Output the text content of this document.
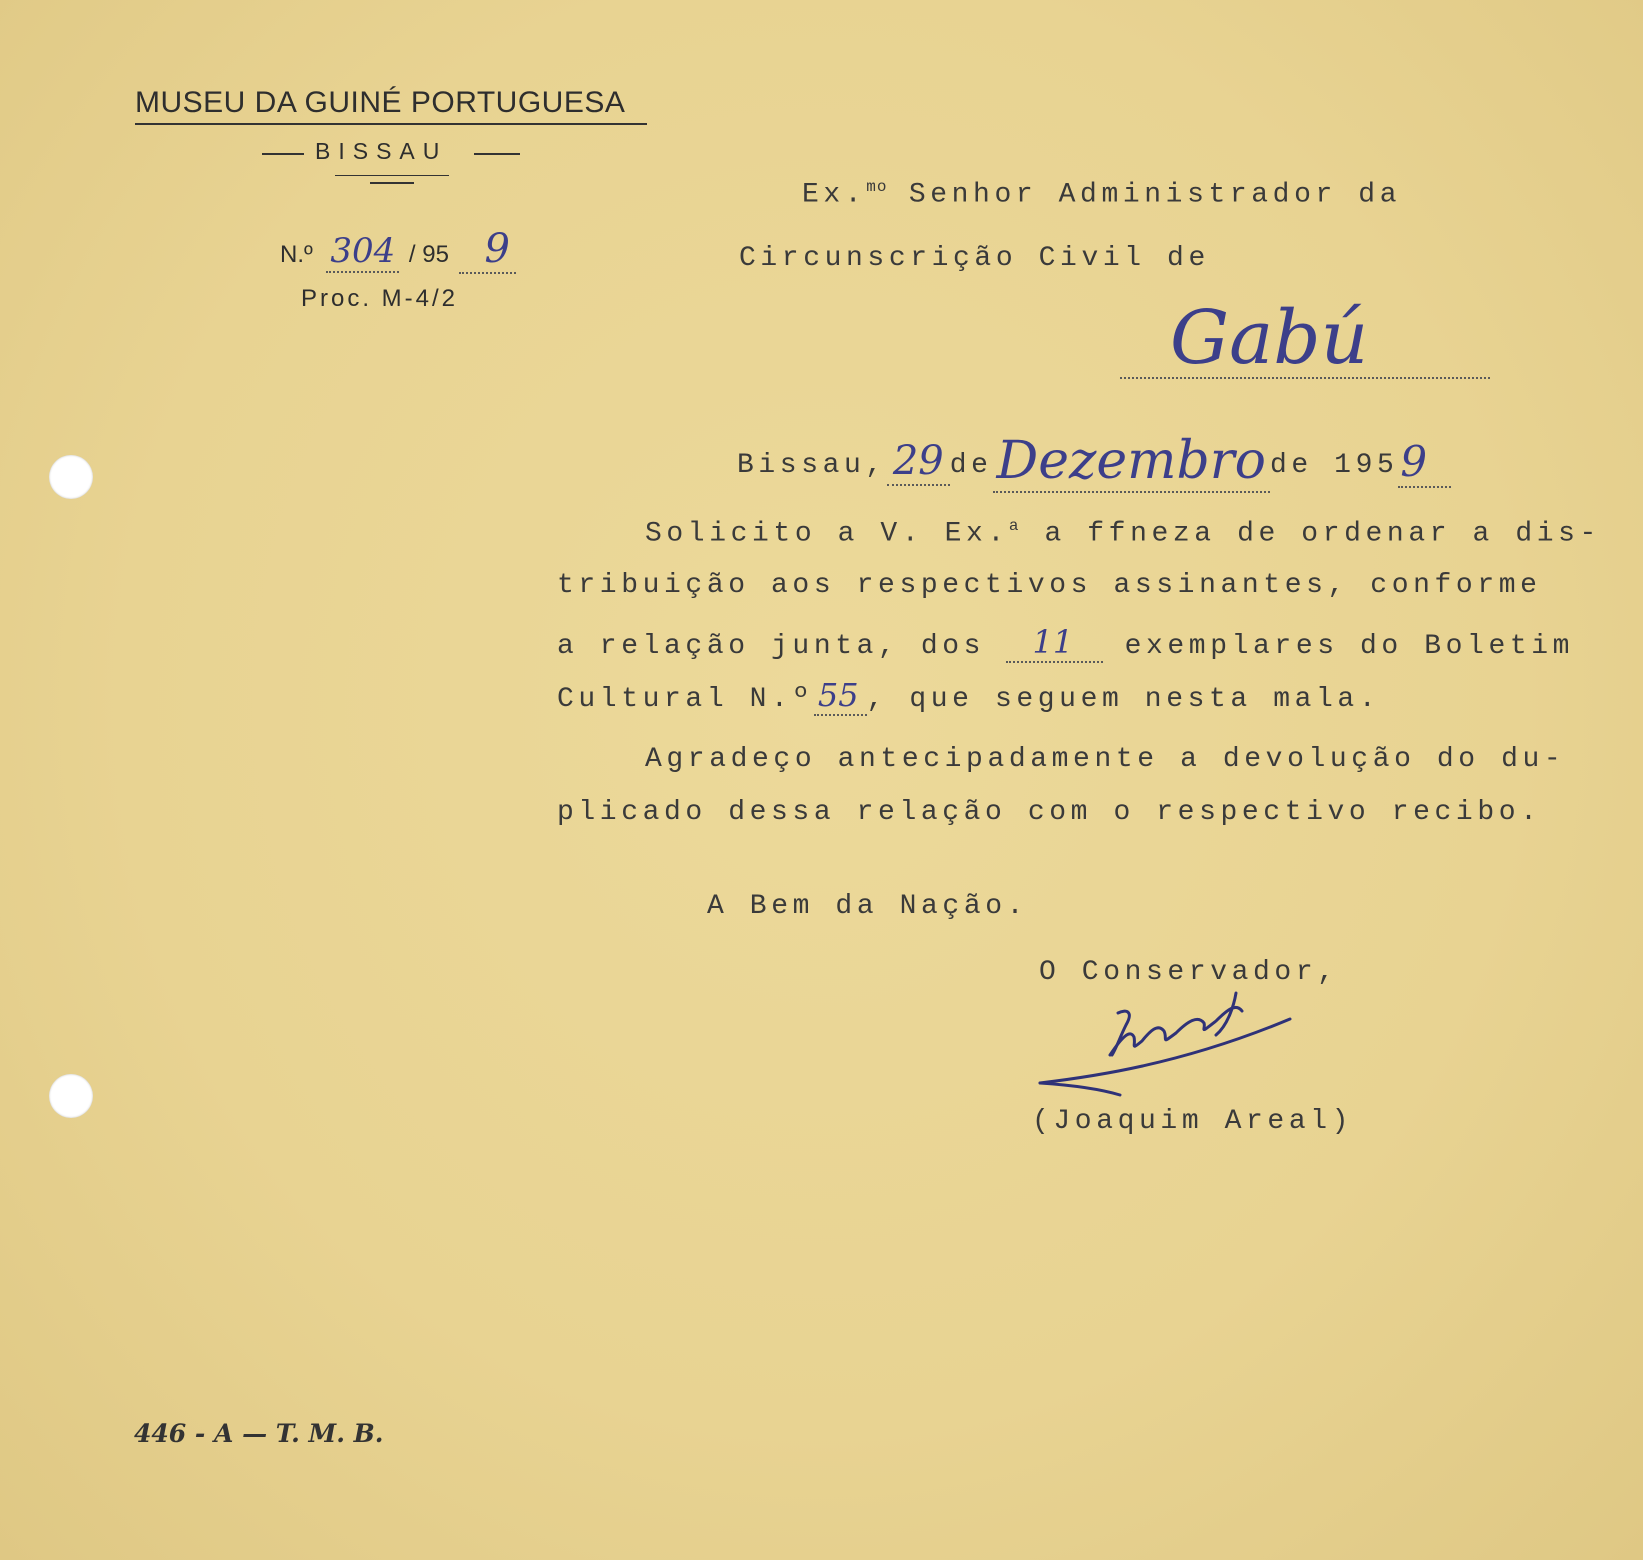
MUSEU DA GUINÉ PORTUGUESA
BISSAU
N.º 304 / 95 9
Proc. M-4/2
Ex.$^{mo}$ Senhor Administrador da
Circunscrição Civil de
Gabú
Bissau, 29 deDezembro de 1959
Solicito a V. Ex.$^a$ a ffneza de ordenar a dis-
tribuição aos respectivos assinantes, conforme
a relação junta, dos 11 exemplares do Boletim
Cultural N.º 55 , que seguem nesta mala.
Agradeço antecipadamente a devolução do du-
plicado dessa relação com o respectivo recibo.
A Bem da Nação.
O Conservador,
(Joaquim Areal)
446 - A — T. M. B.
